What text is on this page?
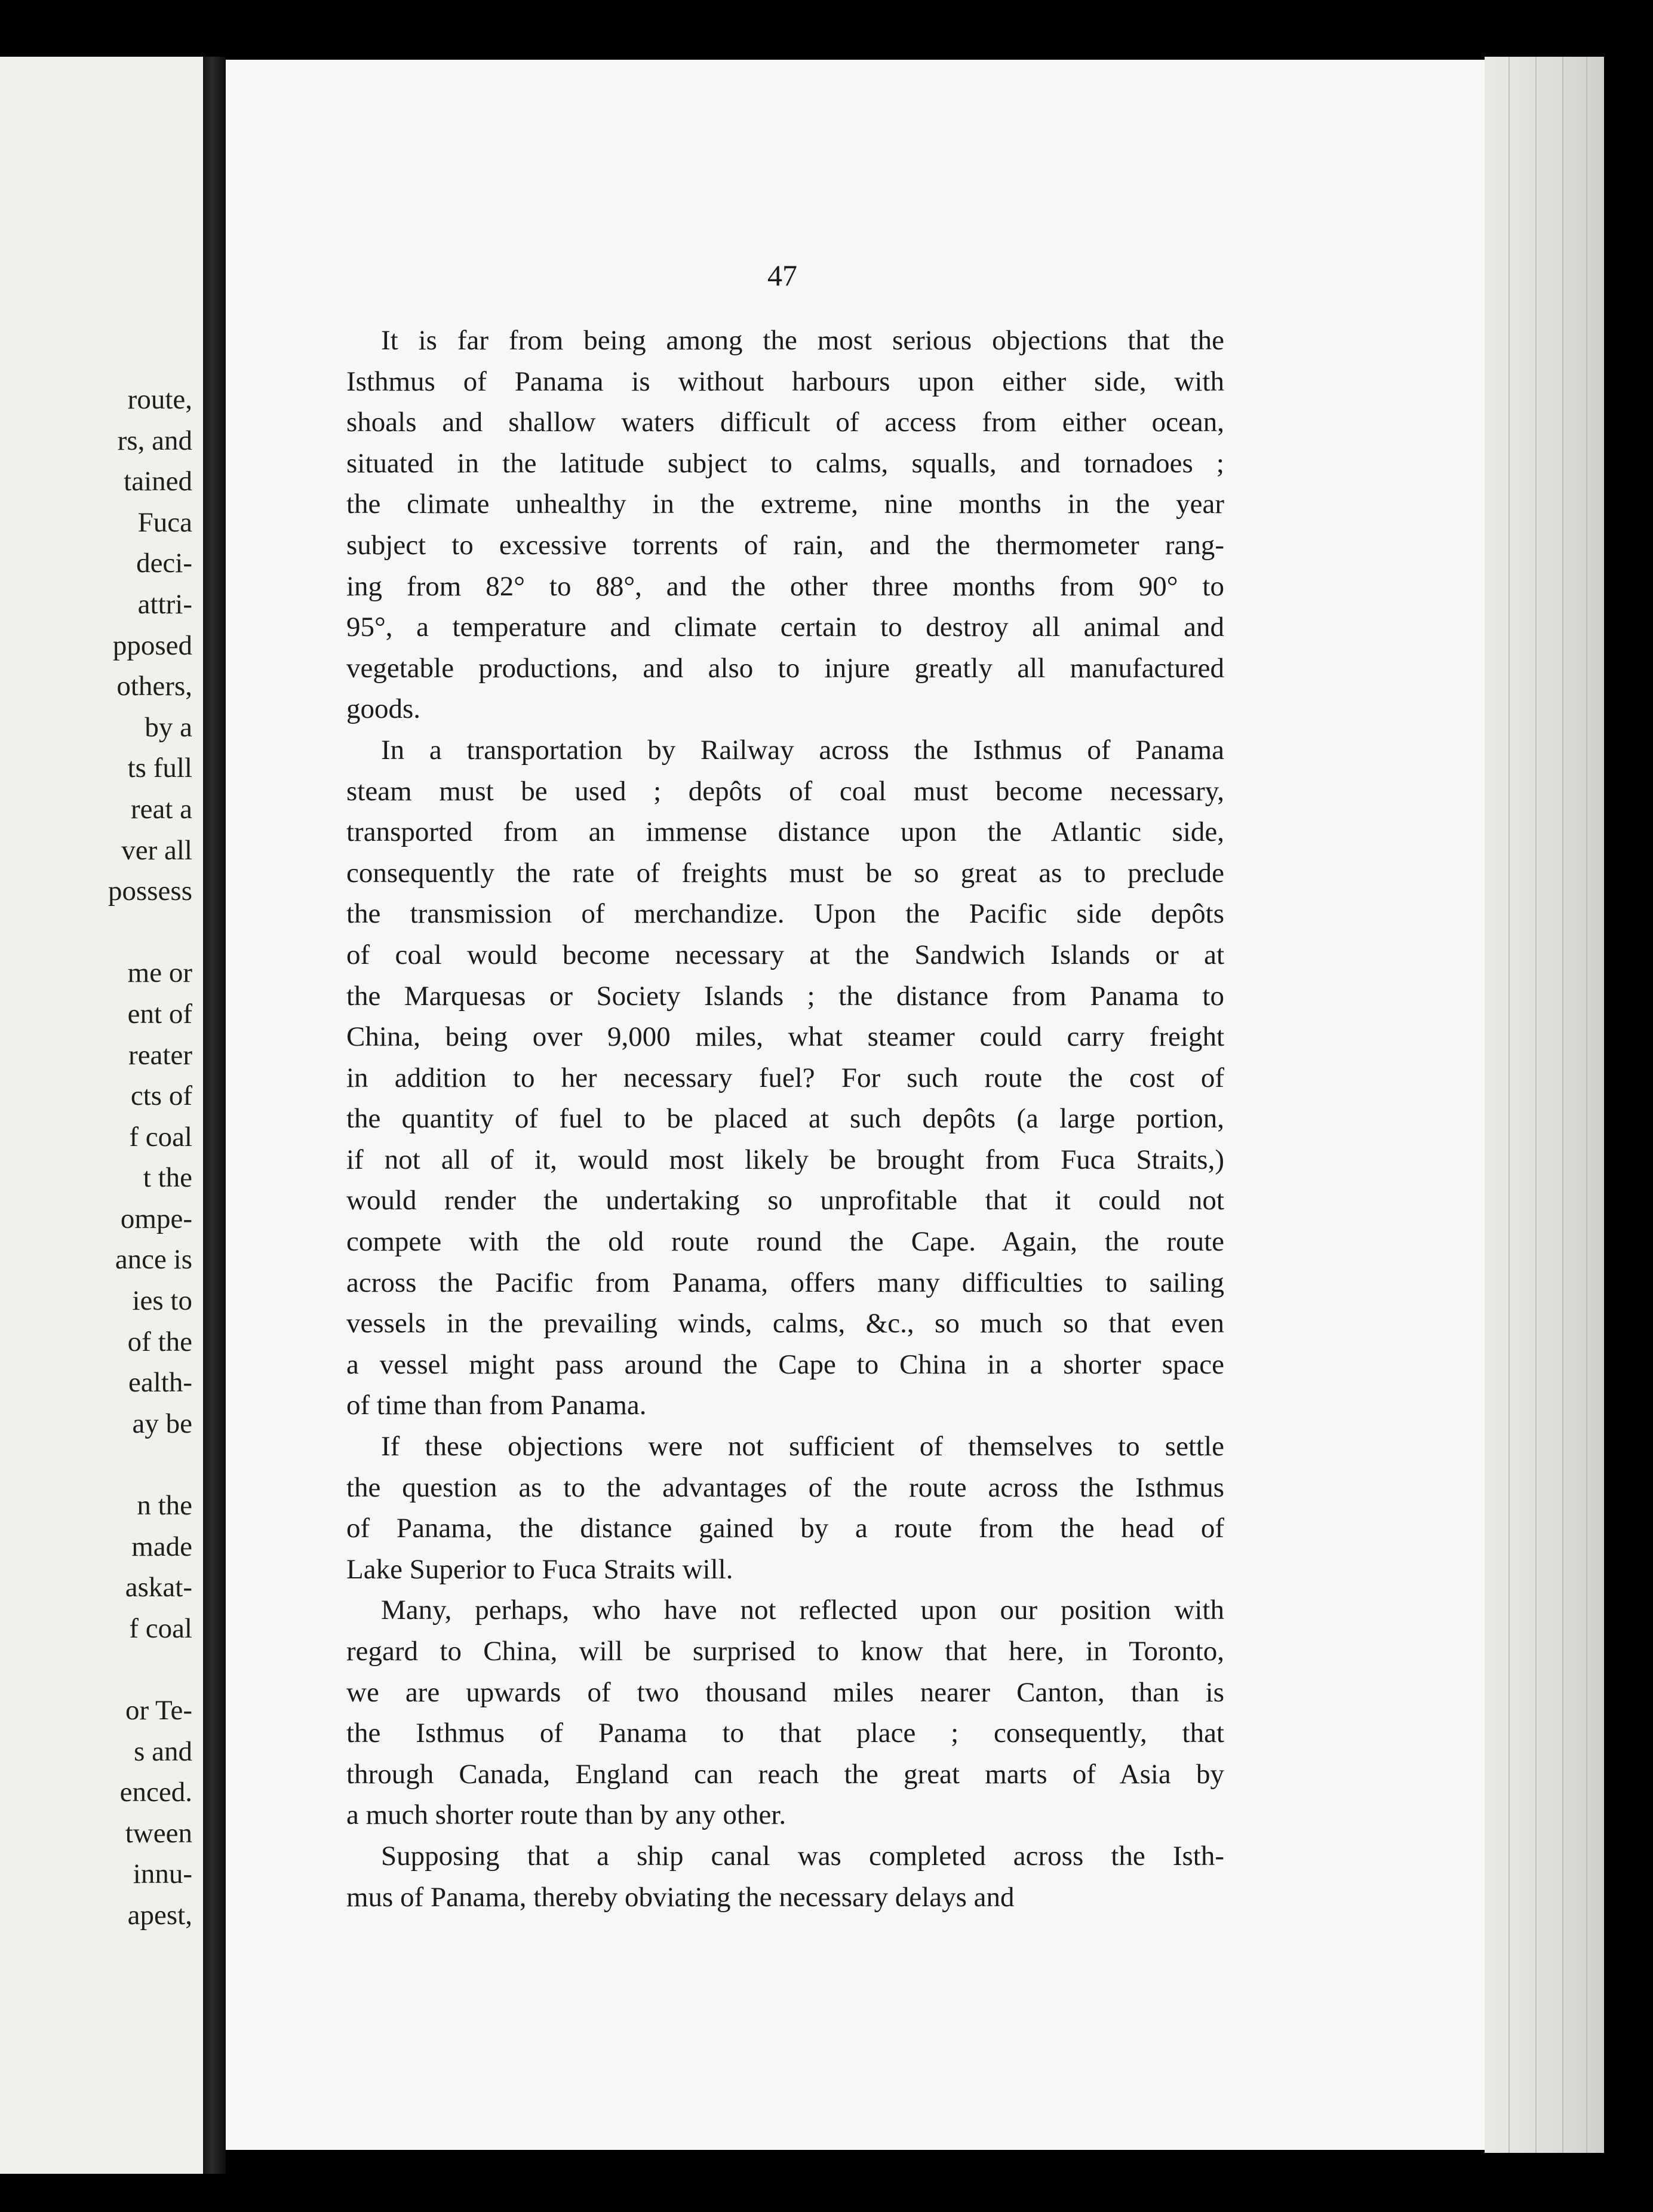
route,
rs, and
tained
Fuca
deci-
attri-
pposed
others,
by a
ts full
reat a
ver all
possess
me or
ent of
reater
cts of
f coal
t the
ompe-
ance is
ies to
of the
ealth-
ay be
n the
made
askat-
f coal
or Te-
s and
enced.
tween
innu-
apest,
47
It is far from being among the most serious objections that the
Isthmus of Panama is without harbours upon either side, with
shoals and shallow waters difficult of access from either ocean,
situated in the latitude subject to calms, squalls, and tornadoes ;
the climate unhealthy in the extreme, nine months in the year
subject to excessive torrents of rain, and the thermometer rang-
ing from 82° to 88°, and the other three months from 90° to
95°, a temperature and climate certain to destroy all animal and
vegetable productions, and also to injure greatly all manufactured
goods.
In a transportation by Railway across the Isthmus of Panama
steam must be used ; depôts of coal must become necessary,
transported from an immense distance upon the Atlantic side,
consequently the rate of freights must be so great as to preclude
the transmission of merchandize. Upon the Pacific side depôts
of coal would become necessary at the Sandwich Islands or at
the Marquesas or Society Islands ; the distance from Panama to
China, being over 9,000 miles, what steamer could carry freight
in addition to her necessary fuel? For such route the cost of
the quantity of fuel to be placed at such depôts (a large portion,
if not all of it, would most likely be brought from Fuca Straits,)
would render the undertaking so unprofitable that it could not
compete with the old route round the Cape. Again, the route
across the Pacific from Panama, offers many difficulties to sailing
vessels in the prevailing winds, calms, &c., so much so that even
a vessel might pass around the Cape to China in a shorter space
of time than from Panama.
If these objections were not sufficient of themselves to settle
the question as to the advantages of the route across the Isthmus
of Panama, the distance gained by a route from the head of
Lake Superior to Fuca Straits will.
Many, perhaps, who have not reflected upon our position with
regard to China, will be surprised to know that here, in Toronto,
we are upwards of two thousand miles nearer Canton, than is
the Isthmus of Panama to that place ; consequently, that
through Canada, England can reach the great marts of Asia by
a much shorter route than by any other.
Supposing that a ship canal was completed across the Isth-
mus of Panama, thereby obviating the necessary delays and
